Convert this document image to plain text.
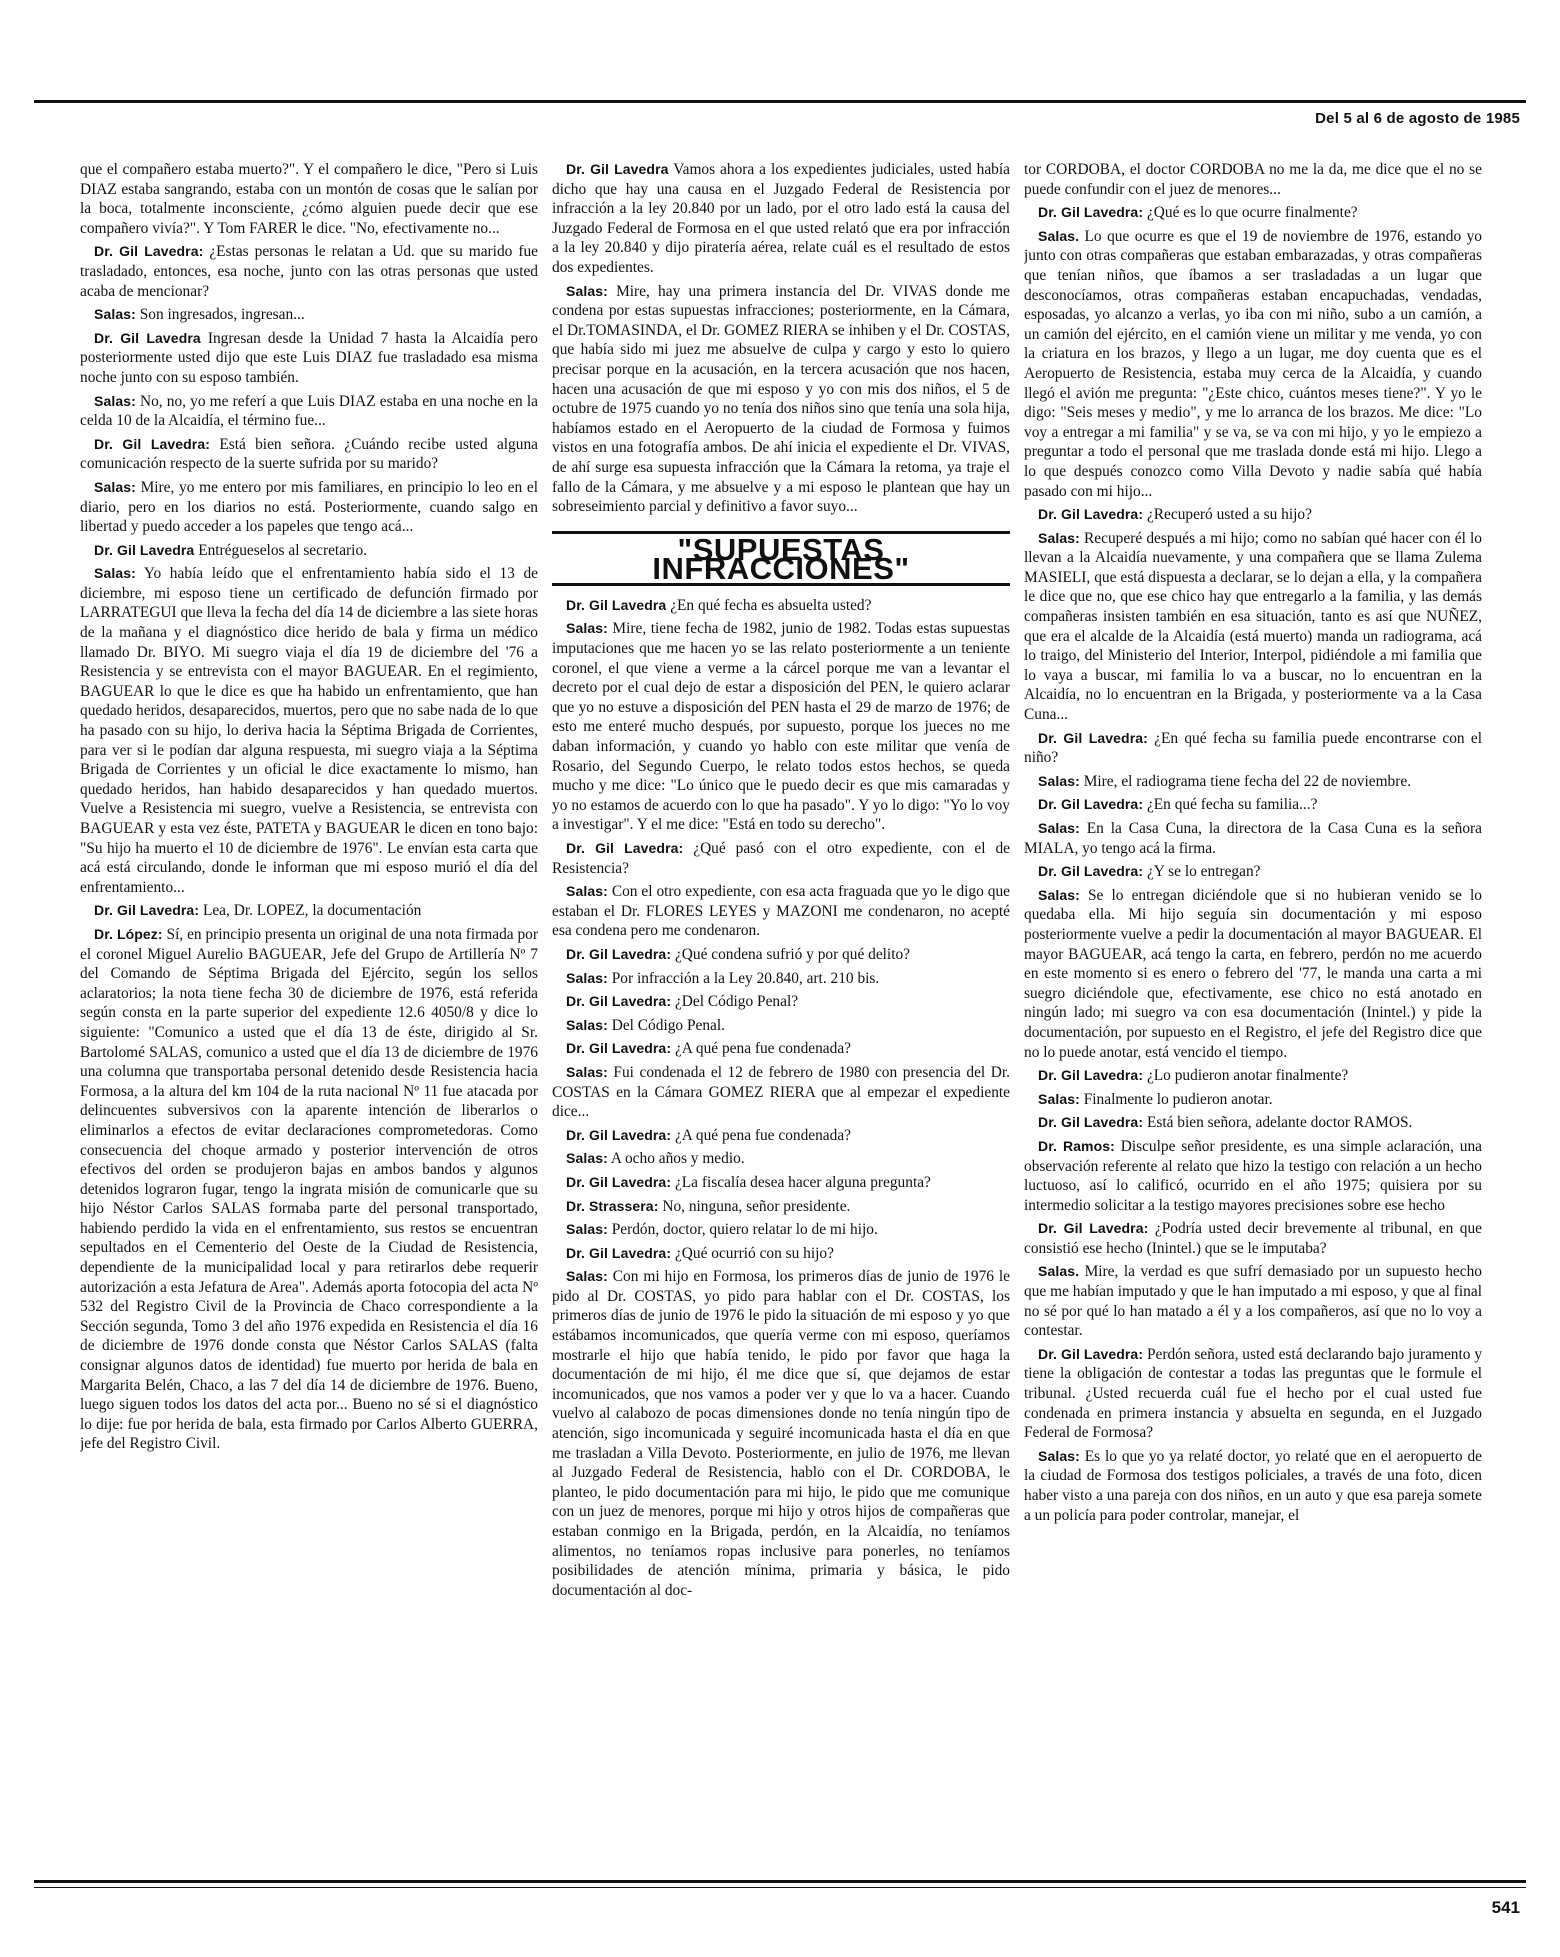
Del 5 al 6 de agosto de 1985

que el compañero estaba muerto?". Y el compañero le dice, "Pero si Luis DIAZ estaba sangrando, estaba con un montón de cosas que le salían por la boca, totalmente inconsciente, ¿cómo alguien puede decir que ese compañero vivía?". Y Tom FARER le dice. "No, efectivamente no...

Dr. Gil Lavedra: ¿Estas personas le relatan a Ud. que su marido fue trasladado, entonces, esa noche, junto con las otras personas que usted acaba de mencionar?

Salas: Son ingresados, ingresan...

Dr. Gil Lavedra Ingresan desde la Unidad 7 hasta la Alcaidía pero posteriormente usted dijo que este Luis DIAZ fue trasladado esa misma noche junto con su esposo también.

Salas: No, no, yo me referí a que Luis DIAZ estaba en una noche en la celda 10 de la Alcaidía, el término fue...

Dr. Gil Lavedra: Está bien señora. ¿Cuándo recibe usted alguna comunicación respecto de la suerte sufrida por su marido?

Salas: Mire, yo me entero por mis familiares, en principio lo leo en el diario, pero en los diarios no está. Posteriormente, cuando salgo en libertad y puedo acceder a los papeles que tengo acá...

Dr. Gil Lavedra Entrégueselos al secretario.

Salas: Yo había leído que el enfrentamiento había sido el 13 de diciembre, mi esposo tiene un certificado de defunción firmado por LARRATEGUI que lleva la fecha del día 14 de diciembre a las siete horas de la mañana y el diagnóstico dice herido de bala y firma un médico llamado Dr. BIYO. Mi suegro viaja el día 19 de diciembre del '76 a Resistencia y se entrevista con el mayor BAGUEAR. En el regimiento, BAGUEAR lo que le dice es que ha habido un enfrentamiento, que han quedado heridos, desaparecidos, muertos, pero que no sabe nada de lo que ha pasado con su hijo, lo deriva hacia la Séptima Brigada de Corrientes, para ver si le podían dar alguna respuesta, mi suegro viaja a la Séptima Brigada de Corrientes y un oficial le dice exactamente lo mismo, han quedado heridos, han habido desaparecidos y han quedado muertos. Vuelve a Resistencia mi suegro, vuelve a Resistencia, se entrevista con BAGUEAR y esta vez éste, PATETA y BAGUEAR le dicen en tono bajo: "Su hijo ha muerto el 10 de diciembre de 1976". Le envían esta carta que acá está circulando, donde le informan que mi esposo murió el día del enfrentamiento...

Dr. Gil Lavedra: Lea, Dr. LOPEZ, la documentación

Dr. López: Sí, en principio presenta un original de una nota firmada por el coronel Miguel Aurelio BAGUEAR, Jefe del Grupo de Artillería Nº 7 del Comando de Séptima Brigada del Ejército, según los sellos aclaratorios; la nota tiene fecha 30 de diciembre de 1976, está referida según consta en la parte superior del expediente 12.6 4050/8 y dice lo siguiente: "Comunico a usted que el día 13 de éste, dirigido al Sr. Bartolomé SALAS, comunico a usted que el día 13 de diciembre de 1976 una columna que transportaba personal detenido desde Resistencia hacia Formosa, a la altura del km 104 de la ruta nacional Nº 11 fue atacada por delincuentes subversivos con la aparente intención de liberarlos o eliminarlos a efectos de evitar declaraciones comprometedoras. Como consecuencia del choque armado y posterior intervención de otros efectivos del orden se produjeron bajas en ambos bandos y algunos detenidos lograron fugar, tengo la ingrata misión de comunicarle que su hijo Néstor Carlos SALAS formaba parte del personal transportado, habiendo perdido la vida en el enfrentamiento, sus restos se encuentran sepultados en el Cementerio del Oeste de la Ciudad de Resistencia, dependiente de la municipalidad local y para retirarlos debe requerir autorización a esta Jefatura de Area". Además aporta fotocopia del acta Nº 532 del Registro Civil de la Provincia de Chaco correspondiente a la Sección segunda, Tomo 3 del año 1976 expedida en Resistencia el día 16 de diciembre de 1976 donde consta que Néstor Carlos SALAS (falta consignar algunos datos de identidad) fue muerto por herida de bala en Margarita Belén, Chaco, a las 7 del día 14 de diciembre de 1976. Bueno, luego siguen todos los datos del acta por... Bueno no sé si el diagnóstico lo dije: fue por herida de bala, esta firmado por Carlos Alberto GUERRA, jefe del Registro Civil.

Dr. Gil Lavedra Vamos ahora a los expedientes judiciales, usted había dicho que hay una causa en el Juzgado Federal de Resistencia por infracción a la ley 20.840 por un lado, por el otro lado está la causa del Juzgado Federal de Formosa en el que usted relató que era por infracción a la ley 20.840 y dijo piratería aérea, relate cuál es el resultado de estos dos expedientes.

Salas: Mire, hay una primera instancia del Dr. VIVAS donde me condena por estas supuestas infracciones; posteriormente, en la Cámara, el Dr.TOMASINDA, el Dr. GOMEZ RIERA se inhiben y el Dr. COSTAS, que había sido mi juez me absuelve de culpa y cargo y esto lo quiero precisar porque en la acusación, en la tercera acusación que nos hacen, hacen una acusación de que mi esposo y yo con mis dos niños, el 5 de octubre de 1975 cuando yo no tenía dos niños sino que tenía una sola hija, habíamos estado en el Aeropuerto de la ciudad de Formosa y fuimos vistos en una fotografía ambos. De ahí inicia el expediente el Dr. VIVAS, de ahí surge esa supuesta infracción que la Cámara la retoma, ya traje el fallo de la Cámara, y me absuelve y a mi esposo le plantean que hay un sobreseimiento parcial y definitivo a favor suyo...

"SUPUESTAS INFRACCIONES"

Dr. Gil Lavedra ¿En qué fecha es absuelta usted?

Salas: Mire, tiene fecha de 1982, junio de 1982. Todas estas supuestas imputaciones que me hacen yo se las relato posteriormente a un teniente coronel, el que viene a verme a la cárcel porque me van a levantar el decreto por el cual dejo de estar a disposición del PEN, le quiero aclarar que yo no estuve a disposición del PEN hasta el 29 de marzo de 1976; de esto me enteré mucho después, por supuesto, porque los jueces no me daban información, y cuando yo hablo con este militar que venía de Rosario, del Segundo Cuerpo, le relato todos estos hechos, se queda mucho y me dice: "Lo único que le puedo decir es que mis camaradas y yo no estamos de acuerdo con lo que ha pasado". Y yo lo digo: "Yo lo voy a investigar". Y el me dice: "Está en todo su derecho".

Dr. Gil Lavedra: ¿Qué pasó con el otro expediente, con el de Resistencia?

Salas: Con el otro expediente, con esa acta fraguada que yo le digo que estaban el Dr. FLORES LEYES y MAZONI me condenaron, no acepté esa condena pero me condenaron.

Dr. Gil Lavedra: ¿Qué condena sufrió y por qué delito?

Salas: Por infracción a la Ley 20.840, art. 210 bis.

Dr. Gil Lavedra: ¿Del Código Penal?

Salas: Del Código Penal.

Dr. Gil Lavedra: ¿A qué pena fue condenada?

Salas: Fui condenada el 12 de febrero de 1980 con presencia del Dr. COSTAS en la Cámara GOMEZ RIERA que al empezar el expediente dice...

Dr. Gil Lavedra: ¿A qué pena fue condenada?

Salas: A ocho años y medio.

Dr. Gil Lavedra: ¿La fiscalía desea hacer alguna pregunta?

Dr. Strassera: No, ninguna, señor presidente.

Salas: Perdón, doctor, quiero relatar lo de mi hijo.

Dr. Gil Lavedra: ¿Qué ocurrió con su hijo?

Salas: Con mi hijo en Formosa, los primeros días de junio de 1976 le pido al Dr. COSTAS, yo pido para hablar con el Dr. COSTAS, los primeros días de junio de 1976 le pido la situación de mi esposo y yo que estábamos incomunicados, que quería verme con mi esposo, queríamos mostrarle el hijo que había tenido, le pido por favor que haga la documentación de mi hijo, él me dice que sí, que dejamos de estar incomunicados, que nos vamos a poder ver y que lo va a hacer. Cuando vuelvo al calabozo de pocas dimensiones donde no tenía ningún tipo de atención, sigo incomunicada y seguiré incomunicada hasta el día en que me trasladan a Villa Devoto. Posteriormente, en julio de 1976, me llevan al Juzgado Federal de Resistencia, hablo con el Dr. CORDOBA, le planteo, le pido documentación para mi hijo, le pido que me comunique con un juez de menores, porque mi hijo y otros hijos de compañeras que estaban conmigo en la Brigada, perdón, en la Alcaidía, no teníamos alimentos, no teníamos ropas inclusive para ponerles, no teníamos posibilidades de atención mínima, primaria y básica, le pido documentación al doc-

tor CORDOBA, el doctor CORDOBA no me la da, me dice que el no se puede confundir con el juez de menores...

Dr. Gil Lavedra: ¿Qué es lo que ocurre finalmente?

Salas. Lo que ocurre es que el 19 de noviembre de 1976, estando yo junto con otras compañeras que estaban embarazadas, y otras compañeras que tenían niños, que íbamos a ser trasladadas a un lugar que desconocíamos, otras compañeras estaban encapuchadas, vendadas, esposadas, yo alcanzo a verlas, yo iba con mi niño, subo a un camión, a un camión del ejército, en el camión viene un militar y me venda, yo con la criatura en los brazos, y llego a un lugar, me doy cuenta que es el Aeropuerto de Resistencia, estaba muy cerca de la Alcaidía, y cuando llegó el avión me pregunta: "¿Este chico, cuántos meses tiene?". Y yo le digo: "Seis meses y medio", y me lo arranca de los brazos. Me dice: "Lo voy a entregar a mi familia" y se va, se va con mi hijo, y yo le empiezo a preguntar a todo el personal que me traslada donde está mi hijo. Llego a lo que después conozco como Villa Devoto y nadie sabía qué había pasado con mi hijo...

Dr. Gil Lavedra: ¿Recuperó usted a su hijo?

Salas: Recuperé después a mi hijo; como no sabían qué hacer con él lo llevan a la Alcaidía nuevamente, y una compañera que se llama Zulema MASIELI, que está dispuesta a declarar, se lo dejan a ella, y la compañera le dice que no, que ese chico hay que entregarlo a la familia, y las demás compañeras insisten también en esa situación, tanto es así que NUÑEZ, que era el alcalde de la Alcaidía (está muerto) manda un radiograma, acá lo traigo, del Ministerio del Interior, Interpol, pidiéndole a mi familia que lo vaya a buscar, mi familia lo va a buscar, no lo encuentran en la Alcaidía, no lo encuentran en la Brigada, y posteriormente va a la Casa Cuna...

Dr. Gil Lavedra: ¿En qué fecha su familia puede encontrarse con el niño?

Salas: Mire, el radiograma tiene fecha del 22 de noviembre.

Dr. Gil Lavedra: ¿En qué fecha su familia...?

Salas: En la Casa Cuna, la directora de la Casa Cuna es la señora MIALA, yo tengo acá la firma.

Dr. Gil Lavedra: ¿Y se lo entregan?

Salas: Se lo entregan diciéndole que si no hubieran venido se lo quedaba ella. Mi hijo seguía sin documentación y mi esposo posteriormente vuelve a pedir la documentación al mayor BAGUEAR. El mayor BAGUEAR, acá tengo la carta, en febrero, perdón no me acuerdo en este momento si es enero o febrero del '77, le manda una carta a mi suegro diciéndole que, efectivamente, ese chico no está anotado en ningún lado; mi suegro va con esa documentación (Inintel.) y pide la documentación, por supuesto en el Registro, el jefe del Registro dice que no lo puede anotar, está vencido el tiempo.

Dr. Gil Lavedra: ¿Lo pudieron anotar finalmente?

Salas: Finalmente lo pudieron anotar.

Dr. Gil Lavedra: Está bien señora, adelante doctor RAMOS.

Dr. Ramos: Disculpe señor presidente, es una simple aclaración, una observación referente al relato que hizo la testigo con relación a un hecho luctuoso, así lo calificó, ocurrido en el año 1975; quisiera por su intermedio solicitar a la testigo mayores precisiones sobre ese hecho

Dr. Gil Lavedra: ¿Podría usted decir brevemente al tribunal, en que consistió ese hecho (Inintel.) que se le imputaba?

Salas. Mire, la verdad es que sufrí demasiado por un supuesto hecho que me habían imputado y que le han imputado a mi esposo, y que al final no sé por qué lo han matado a él y a los compañeros, así que no lo voy a contestar.

Dr. Gil Lavedra: Perdón señora, usted está declarando bajo juramento y tiene la obligación de contestar a todas las preguntas que le formule el tribunal. ¿Usted recuerda cuál fue el hecho por el cual usted fue condenada en primera instancia y absuelta en segunda, en el Juzgado Federal de Formosa?

Salas: Es lo que yo ya relaté doctor, yo relaté que en el aeropuerto de la ciudad de Formosa dos testigos policiales, a través de una foto, dicen haber visto a una pareja con dos niños, en un auto y que esa pareja somete a un policía para poder controlar, manejar, el

541
